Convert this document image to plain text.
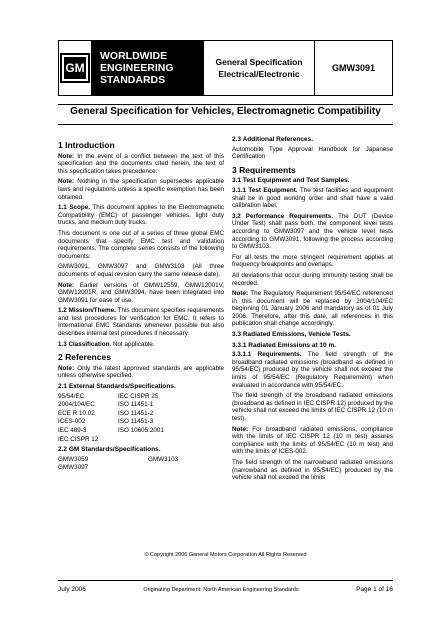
GM
WORLDWIDE
ENGINEERING
STANDARDS
General Specification
Electrical/Electronic
GMW3091
General Specification for Vehicles, Electromagnetic Compatibility
1 Introduction

Note: In the event of a conflict between the text of this specification and the documents cited herein, the text of this specification takes precedence.

Note: Nothing in the specification supersedes applicable laws and regulations unless a specific exemption has been obtained.

1.1 Scope. This document applies to the Electromagnetic Compatibility (EMC) of passenger vehicles, light duty trucks, and medium duty trucks.

This document is one out of a series of three global EMC documents that specify EMC test and validation requirements. The complete series consists of the following documents:

GMW3091, GMW3097 and GMW3103 (All three documents of equal revision carry the same release date).

Note: Earlier versions of GMW12559, GMW12001V, GMW12001R, and GMW3094, have been integrated into GMW3091 for ease of use.

1.2 Mission/Theme. This document specifies requirements and test procedures for verification for EMC. It refers to International EMC Standards whenever possible but also describes internal test procedures if necessary.

1.3 Classification. Not applicable.

2 References

Note: Only the latest approved standards are applicable unless otherwise specified.

2.1 External Standards/Specifications.
95/54/EC	IEC CISPR 25
2004/104/EC	ISO 11451-1
ECE R 10.02	ISO 11451-2
ICES-002	ISO 11451-3
IEC 489-3	ISO 10605:2001
IEC CISPR 12
2.2 GM Standards/Specifications.
GMW3059	GMW3103
GMW3097
2.3 Additional References.

Automobile Type Approval Handbook for Japanese Certification

3 Requirements
3.1 Test Equipment and Test Samples.

3.1.1 Test Equipment. The test facilities and equipment shall be in good working order and shall have a valid calibration label.

3.2 Performance Requirements. The DUT (Device Under Test) shall pass both, the component level tests according to GMW3097 and the vehicle level tests according to GMW3091, following the process according to GMW3103.

For all tests the more stringent requirement applies at frequency breakpoints and overlaps.

All deviations that occur during immunity testing shall be recorded.

Note: The Regulatory Requirement 95/54/EC referenced in this document will be replaced by 2004/104/EC beginning 01 January 2006 and mandatory as of 01 July 2006. Therefore, after this date, all references in this publication shall change accordingly.

3.3 Radiated Emissions, Vehicle Tests.
3.3.1 Radiated Emissions at 10 m.

3.3.1.1 Requirements. The field strength of the broadband radiated emissions (broadband as defined in 95/54/EC) produced by the vehicle shall not exceed the limits of 95/54/EC (Regulatory Requirement) when evaluated in accordance with 95/54/EC.

The field strength of the broadband radiated emissions (broadband as defined in IEC CISPR 12) produced by the vehicle shall not exceed the limits of IEC CISPR 12 (10 m test).

Note: For broadband radiated emissions, compliance with the limits of IEC CISPR 12 (10 m test) assures compliance with the limits of 95/54/EC (10 m test) and with the limits of ICES-002.

The field strength of the narrowband radiated emissions (narrowband as defined in 95/54/EC) produced by the vehicle shall not exceed the limits

© Copyright 2006 General Motors Corporation All Rights Reserved
July 2006	Originating Department: North American Engineering Standards	Page 1 of 16
